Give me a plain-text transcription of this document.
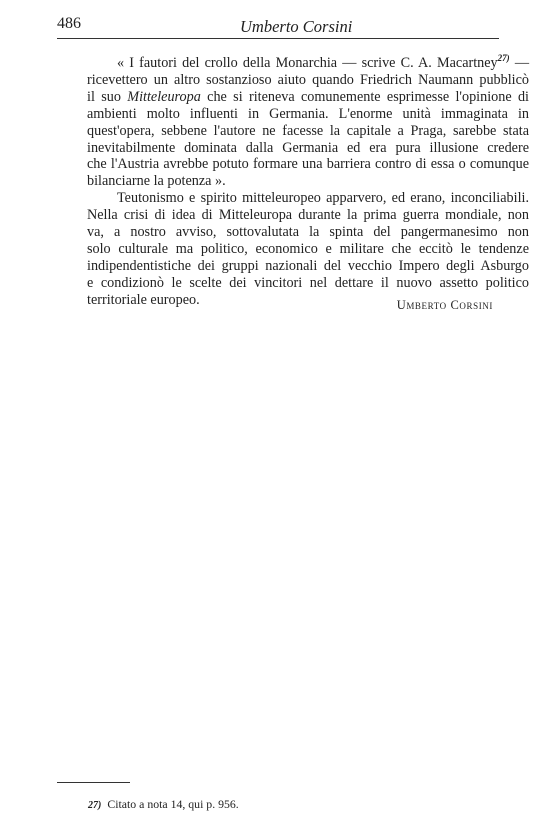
486	Umberto Corsini
« I fautori del crollo della Monarchia — scrive C. A. Macartney$^{27)}$ —
ricevettero un altro sostanzioso aiuto quando Friedrich Naumann pubblicò
il suo Mitteleuropa che si riteneva comunemente esprimesse l'opinione di
ambienti molto influenti in Germania. L'enorme unità immaginata in
quest'opera, sebbene l'autore ne facesse la capitale a Praga, sarebbe stata
inevitabilmente dominata dalla Germania ed era pura illusione credere
che l'Austria avrebbe potuto formare una barriera contro di essa o comunque
bilanciarne la potenza ».
Teutonismo e spirito mitteleuropeo apparvero, ed erano, inconciliabili.
Nella crisi di idea di Mitteleuropa durante la prima guerra mondiale, non
va, a nostro avviso, sottovalutata la spinta del pangermanesimo non
solo culturale ma politico, economico e militare che eccitò le tendenze
indipendentistiche dei gruppi nazionali del vecchio Impero degli Asburgo
e condizionò le scelte dei vincitori nel dettare il nuovo assetto politico
territoriale europeo.	Umberto Corsini
27) Citato a nota 14, qui p. 956.
